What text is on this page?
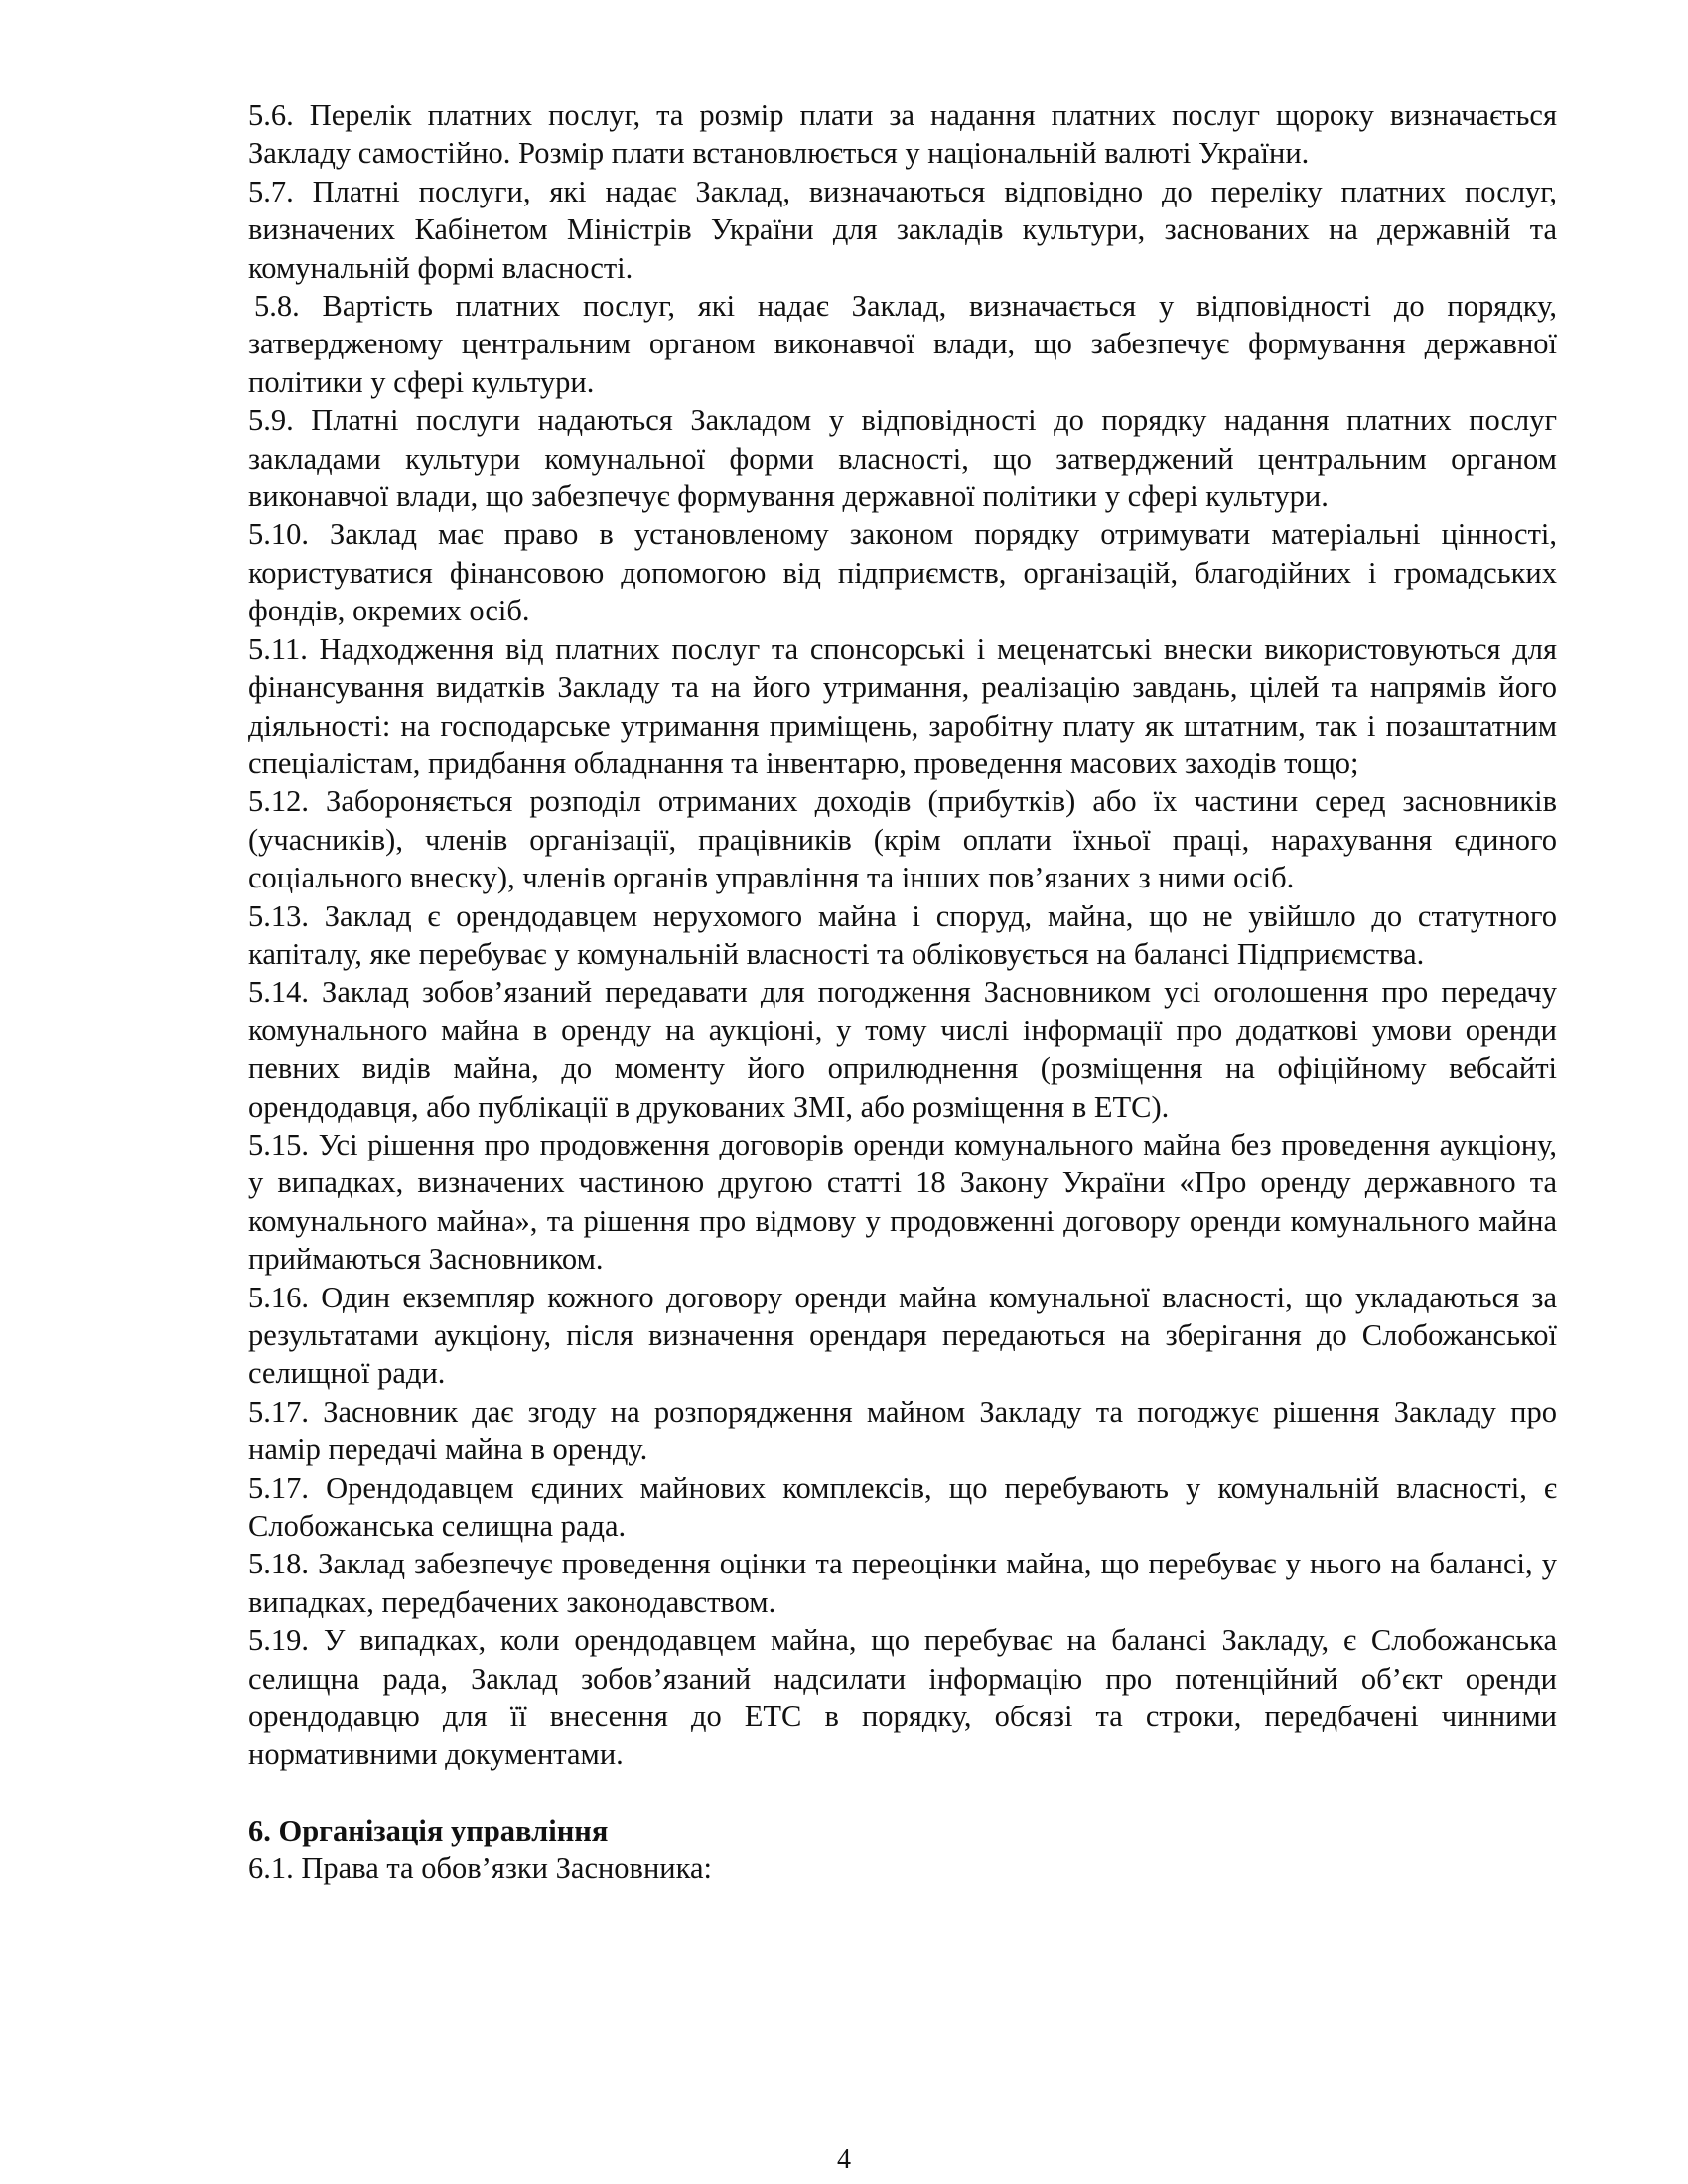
5.6. Перелік платних послуг, та розмір плати за надання платних послуг щороку визначається Закладу самостійно. Розмір плати встановлюється у національній валюті України.

5.7. Платні послуги, які надає Заклад, визначаються відповідно до переліку платних послуг, визначених Кабінетом Міністрів України для закладів культури, заснованих на державній та комунальній формі власності.

5.8. Вартість платних послуг, які надає Заклад, визначається у відповідності до порядку, затвердженому центральним органом виконавчої влади, що забезпечує формування державної політики у сфері культури.

5.9. Платні послуги надаються Закладом у відповідності до порядку надання платних послуг закладами культури комунальної форми власності, що затверджений центральним органом виконавчої влади, що забезпечує формування державної політики у сфері культури.

5.10. Заклад має право в установленому законом порядку отримувати матеріальні цінності, користуватися фінансовою допомогою від підприємств, організацій, благодійних і громадських фондів, окремих осіб.

5.11. Надходження від платних послуг та спонсорські і меценатські внески використовуються для фінансування видатків Закладу та на його утримання, реалізацію завдань, цілей та напрямів його діяльності: на господарське утримання приміщень, заробітну плату як штатним, так і позаштатним спеціалістам, придбання обладнання та інвентарю, проведення масових заходів тощо;

5.12. Забороняється розподіл отриманих доходів (прибутків) або їх частини серед засновників (учасників), членів організації, працівників (крім оплати їхньої праці, нарахування єдиного соціального внеску), членів органів управління та інших пов’язаних з ними осіб.

5.13. Заклад є орендодавцем нерухомого майна і споруд, майна, що не увійшло до статутного капіталу, яке перебуває у комунальній власності та обліковується на балансі Підприємства.

5.14. Заклад зобов’язаний передавати для погодження Засновником усі оголошення про передачу комунального майна в оренду на аукціоні, у тому числі інформації про додаткові умови оренди певних видів майна, до моменту його оприлюднення (розміщення на офіційному вебсайті орендодавця, або публікації в друкованих ЗМІ, або розміщення в ЕТС).

5.15. Усі рішення про продовження договорів оренди комунального майна без проведення аукціону, у випадках, визначених частиною другою статті 18 Закону України «Про оренду державного та комунального майна», та рішення про відмову у продовженні договору оренди комунального майна приймаються Засновником.

5.16. Один екземпляр кожного договору оренди майна комунальної власності, що укладаються за результатами аукціону, після визначення орендаря передаються на зберігання до Слобожанської селищної ради.

5.17. Засновник дає згоду на розпорядження майном Закладу та погоджує рішення Закладу про намір передачі майна в оренду.

5.17. Орендодавцем єдиних майнових комплексів, що перебувають у комунальній власності, є Слобожанська селищна рада.

5.18. Заклад забезпечує проведення оцінки та переоцінки майна, що перебуває у нього на балансі, у випадках, передбачених законодавством.

5.19. У випадках, коли орендодавцем майна, що перебуває на балансі Закладу, є Слобожанська селищна рада, Заклад зобов’язаний надсилати інформацію про потенційний об’єкт оренди орендодавцю для її внесення до ЕТС в порядку, обсязі та строки, передбачені чинними нормативними документами.

6. Організація управління

6.1. Права та обов’язки Засновника:

4
